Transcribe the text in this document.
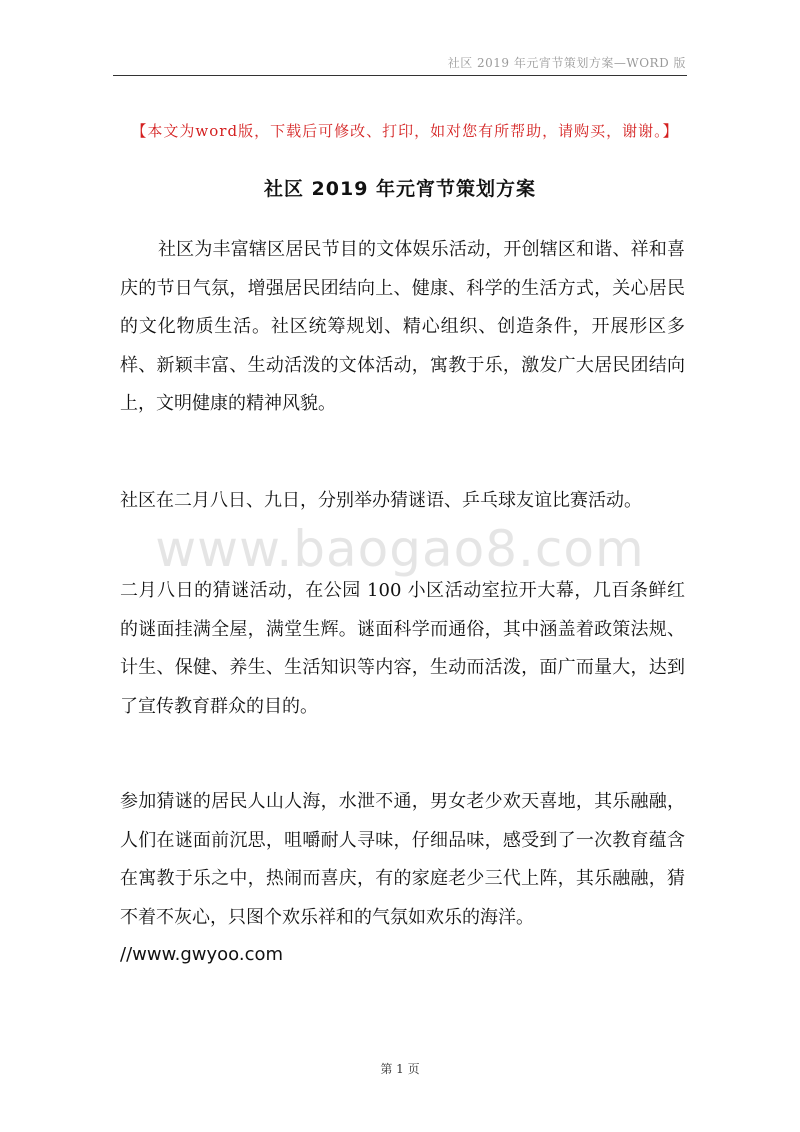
社区 2019 年元宵节策划方案—WORD 版
【本文为word版，下载后可修改、打印，如对您有所帮助，请购买，谢谢。】
社区 2019 年元宵节策划方案
社区为丰富辖区居民节目的文体娱乐活动，开创辖区和谐、祥和喜庆的节日气氛，增强居民团结向上、健康、科学的生活方式，关心居民的文化物质生活。社区统筹规划、精心组织、创造条件，开展形区多样、新颖丰富、生动活泼的文体活动，寓教于乐，激发广大居民团结向上，文明健康的精神风貌。
社区在二月八日、九日，分别举办猜谜语、乒乓球友谊比赛活动。
www.baogao8.com
二月八日的猜谜活动，在公园 100 小区活动室拉开大幕，几百条鲜红的谜面挂满全屋，满堂生辉。谜面科学而通俗，其中涵盖着政策法规、计生、保健、养生、生活知识等内容，生动而活泼，面广而量大，达到了宣传教育群众的目的。
参加猜谜的居民人山人海，水泄不通，男女老少欢天喜地，其乐融融，人们在谜面前沉思，咀嚼耐人寻味，仔细品味，感受到了一次教育蕴含在寓教于乐之中，热闹而喜庆，有的家庭老少三代上阵，其乐融融，猜不着不灰心，只图个欢乐祥和的气氛如欢乐的海洋。
//www.gwyoo.com
第 1 页
